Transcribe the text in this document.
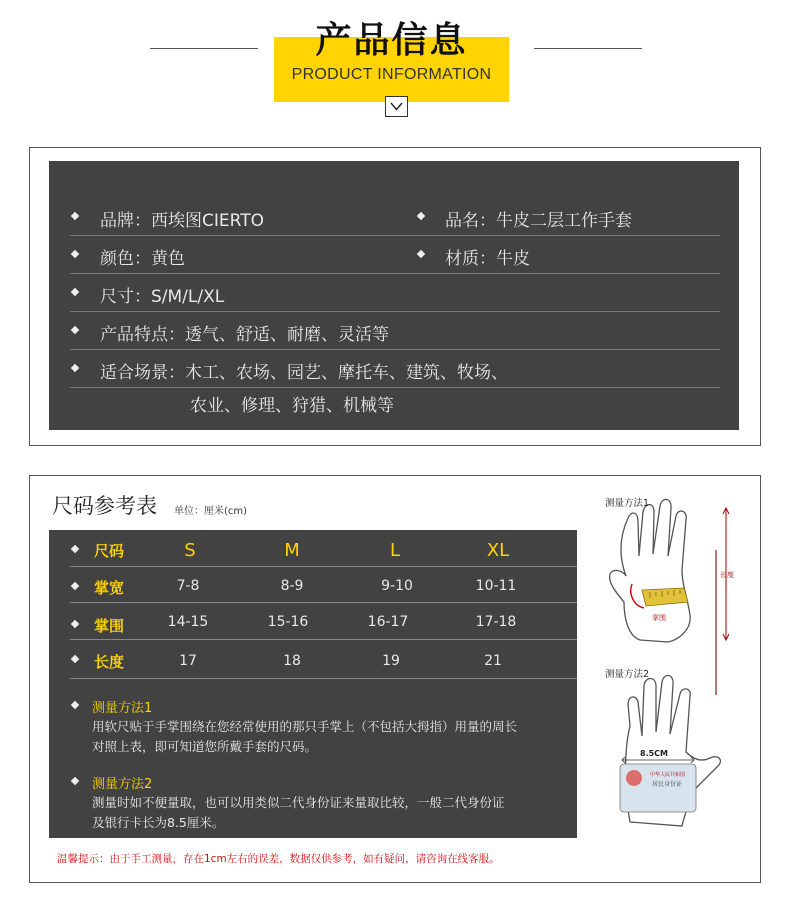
产品信息
PRODUCT INFORMATION
品牌：西埃图CIERTO	品名：牛皮二层工作手套
颜色：黄色	材质：牛皮
尺寸：S/M/L/XL
产品特点：透气、舒适、耐磨、灵活等
适合场景：木工、农场、园艺、摩托车、建筑、牧场、
农业、修理、狩猎、机械等
尺码参考表 单位：厘米(cm)
尺码	S	M	L	XL
掌宽	7-8	8-9	9-10	10-11
掌围	14-15	15-16	16-17	17-18
长度	17	18	19	21
测量方法1
用软尺贴于手掌围绕在您经常使用的那只手掌上（不包括大拇指）用量的周长
对照上表，即可知道您所戴手套的尺码。
测量方法2
测量时如不便量取，也可以用类似二代身份证来量取比较，一般二代身份证
及银行卡长为8.5厘米。
温馨提示：由于手工测量，存在1cm左右的误差，数据仅供参考，如有疑问，请咨询在线客服。
测量方法1
测量方法2
长度
掌围
8.5CM
中华人民共和国
居民身份证
